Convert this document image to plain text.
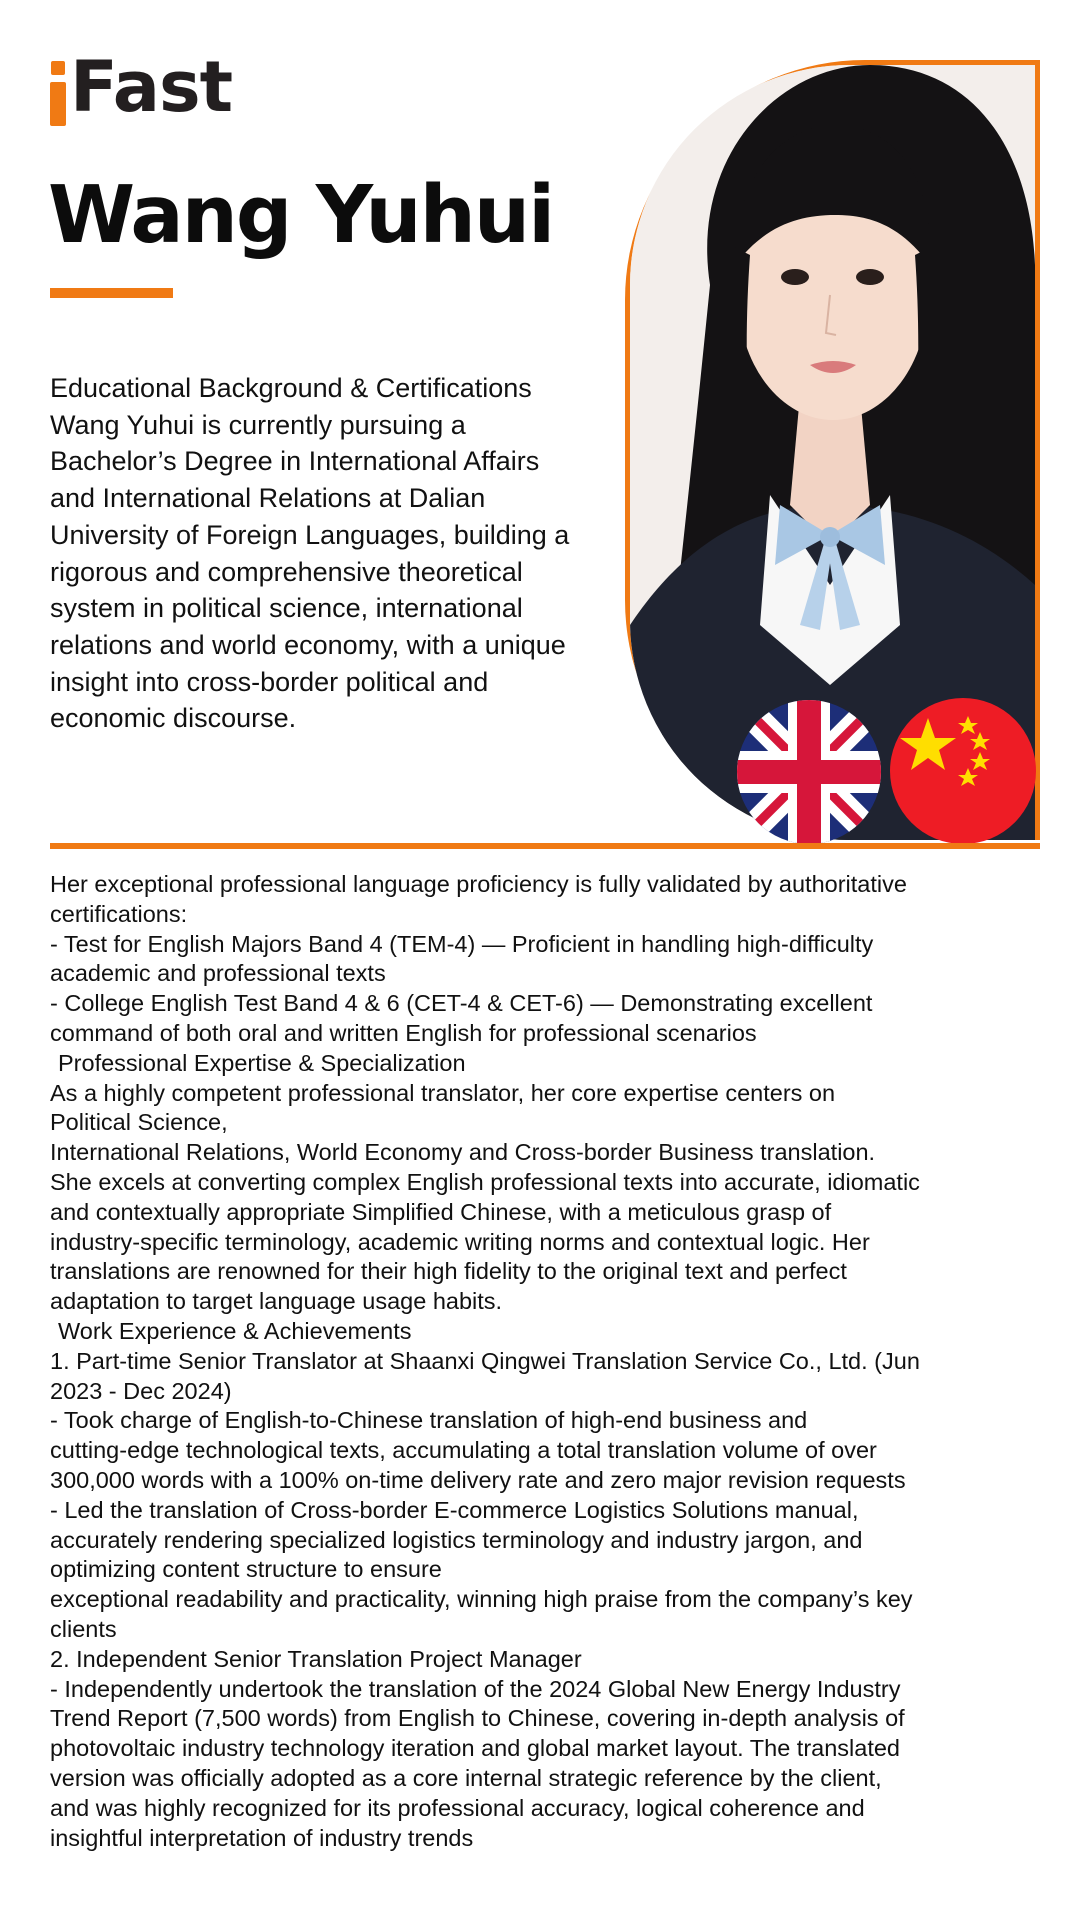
Fast
Wang Yuhui

Educational Background & Certifications

Wang Yuhui is currently pursuing a

Bachelor’s Degree in International Affairs

and International Relations at Dalian

University of Foreign Languages, building a

rigorous and comprehensive theoretical

system in political science, international

relations and world economy, with a unique

insight into cross-border political and

economic discourse.

Her exceptional professional language proficiency is fully validated by authoritative

certifications:

- Test for English Majors Band 4 (TEM-4) — Proficient in handling high-difficulty

academic and professional texts

- College English Test Band 4 & 6 (CET-4 & CET-6) — Demonstrating excellent

command of both oral and written English for professional scenarios

Professional Expertise & Specialization

As a highly competent professional translator, her core expertise centers on

Political Science,

International Relations, World Economy and Cross-border Business translation.

She excels at converting complex English professional texts into accurate, idiomatic

and contextually appropriate Simplified Chinese, with a meticulous grasp of

industry-specific terminology, academic writing norms and contextual logic. Her

translations are renowned for their high fidelity to the original text and perfect

adaptation to target language usage habits.

Work Experience & Achievements

1. Part-time Senior Translator at Shaanxi Qingwei Translation Service Co., Ltd. (Jun

2023 - Dec 2024)

- Took charge of English-to-Chinese translation of high-end business and

cutting-edge technological texts, accumulating a total translation volume of over

300,000 words with a 100% on-time delivery rate and zero major revision requests

- Led the translation of Cross-border E-commerce Logistics Solutions manual,

accurately rendering specialized logistics terminology and industry jargon, and

optimizing content structure to ensure

exceptional readability and practicality, winning high praise from the company’s key

clients

2. Independent Senior Translation Project Manager

- Independently undertook the translation of the 2024 Global New Energy Industry

Trend Report (7,500 words) from English to Chinese, covering in-depth analysis of

photovoltaic industry technology iteration and global market layout. The translated

version was officially adopted as a core internal strategic reference by the client,

and was highly recognized for its professional accuracy, logical coherence and

insightful interpretation of industry trends
